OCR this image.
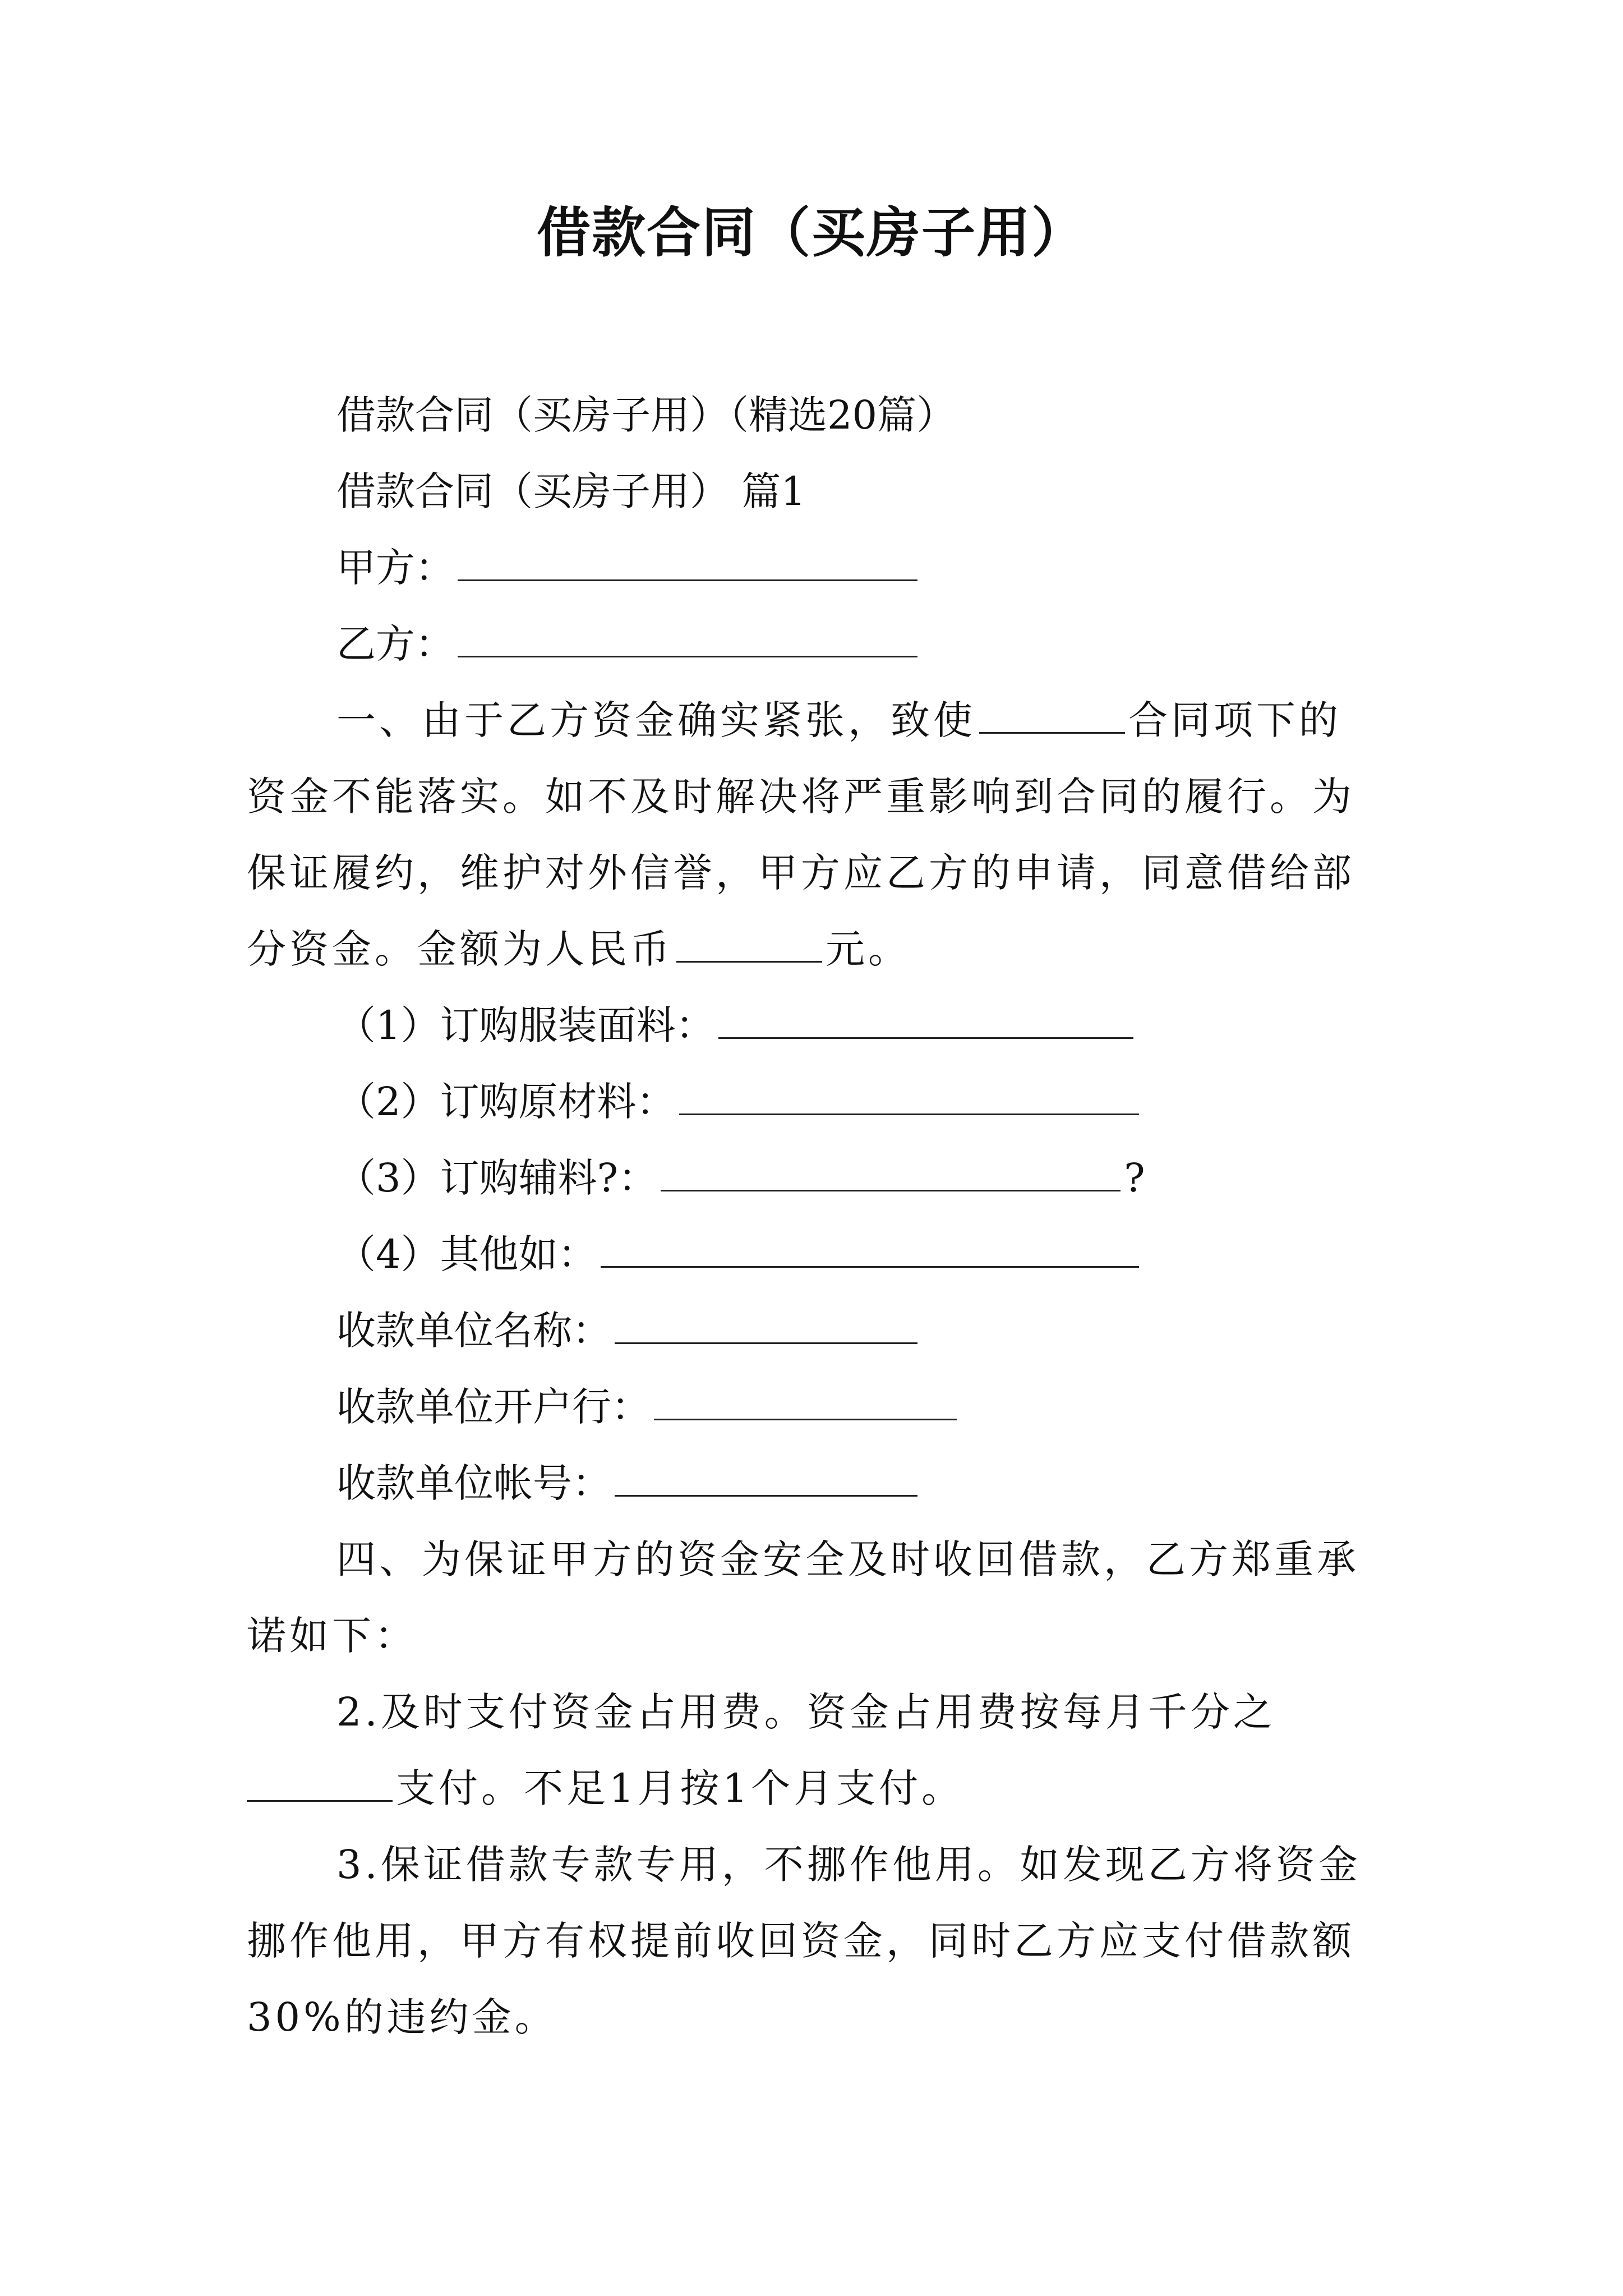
借款合同（买房子用）
借款合同（买房子用）（精选20篇）
借款合同（买房子用） 篇1
甲方：
乙方：
一、由于乙方资金确实紧张，致使	合同项下的
资金不能落实。如不及时解决将严重影响到合同的履行。为
保证履约，维护对外信誉，甲方应乙方的申请，同意借给部
分资金。金额为人民币	元。
（1）订购服装面料：
（2）订购原材料：
（3）订购辅料?：	?
（4）其他如：
收款单位名称：
收款单位开户行：
收款单位帐号：
四、为保证甲方的资金安全及时收回借款，乙方郑重承
诺如下：
2.及时支付资金占用费。资金占用费按每月千分之
支付。不足1月按1个月支付。
3.保证借款专款专用，不挪作他用。如发现乙方将资金
挪作他用，甲方有权提前收回资金，同时乙方应支付借款额
30%的违约金。
